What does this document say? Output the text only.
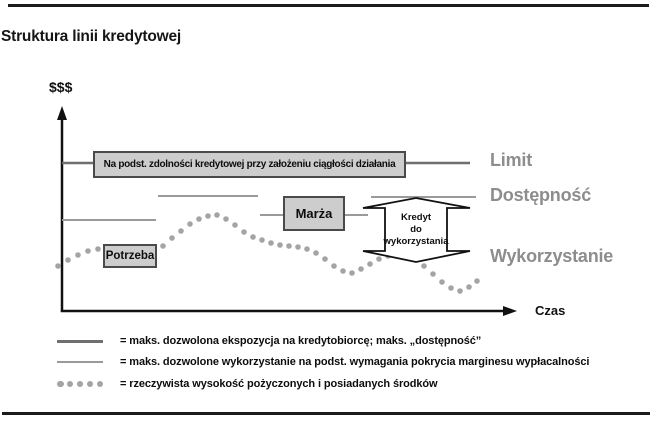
Struktura linii kredytowej
$$$
Czas
Na podst. zdolności kredytowej przy założeniu ciągłości działania
Marża
Potrzeba
Kredyt
do
wykorzystania
Limit
Dostępność
Wykorzystanie
= maks. dozwolona ekspozycja na kredytobiorcę; maks. „dostępność”
= maks. dozwolone wykorzystanie na podst. wymagania pokrycia marginesu wypłacalności
= rzeczywista wysokość pożyczonych i posiadanych środków
